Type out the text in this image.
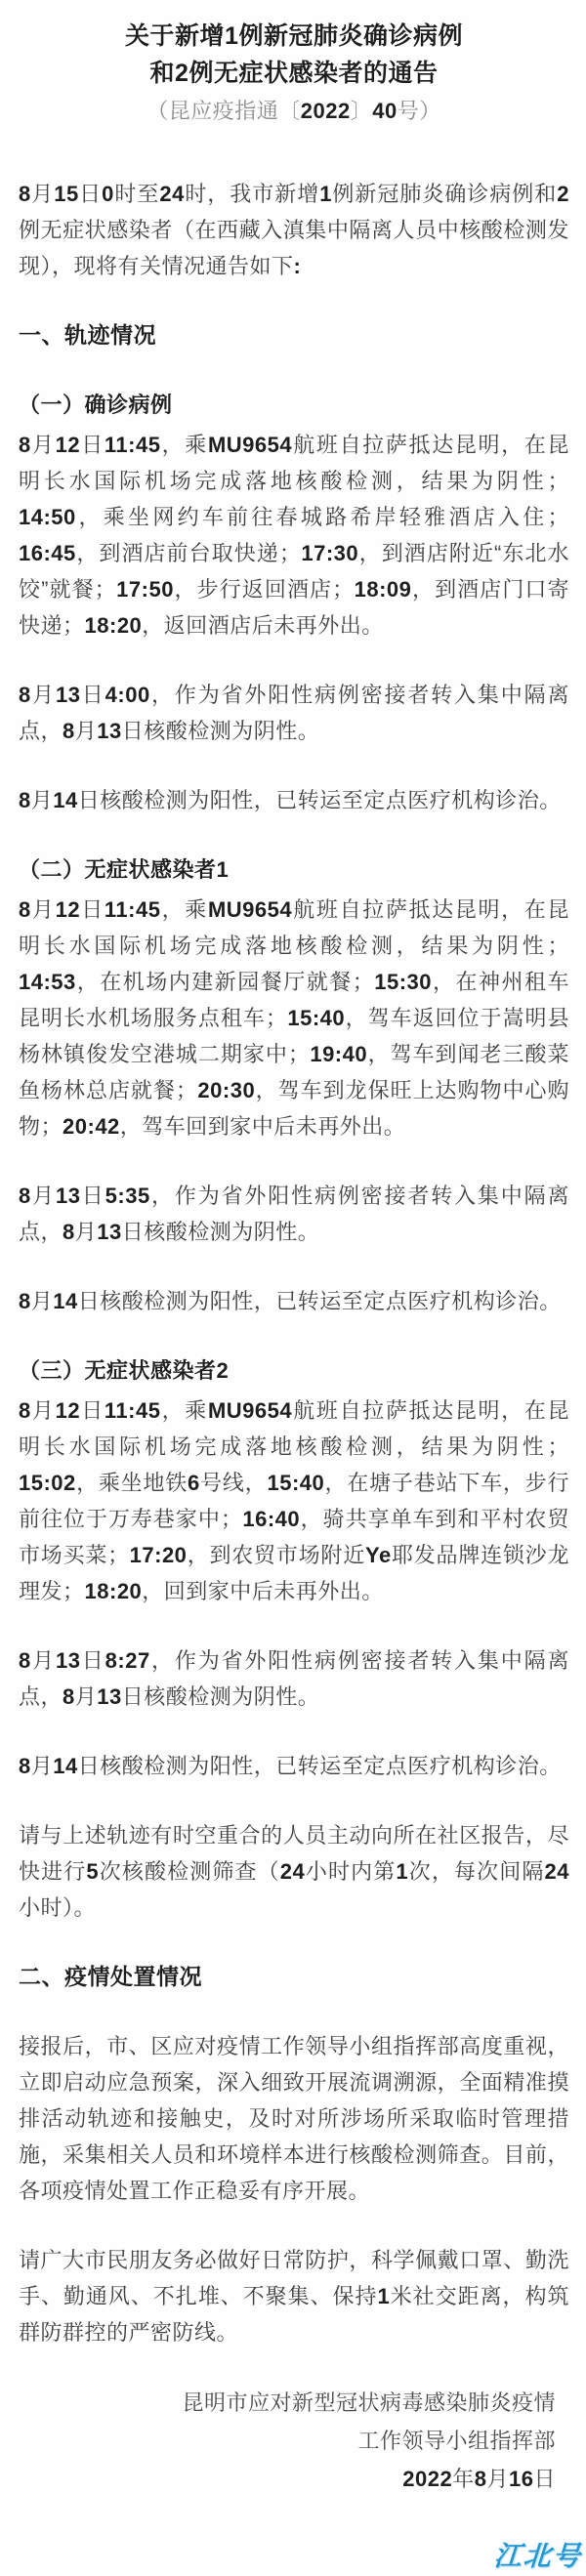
关于新增1例新冠肺炎确诊病例
和2例无症状感染者的通告

（昆应疫指通〔2022〕40号）

8月15日0时至24时，我市新增1例新冠肺炎确诊病例和2例无症状感染者（在西藏入滇集中隔离人员中核酸检测发现），现将有关情况通告如下:

一、轨迹情况
（一）确诊病例

8月12日11:45，乘MU9654航班自拉萨抵达昆明，在昆明长水国际机场完成落地核酸检测，结果为阴性；14:50，乘坐网约车前往春城路希岸轻雅酒店入住；16:45，到酒店前台取快递；17:30，到酒店附近“东北水饺”就餐；17:50，步行返回酒店；18:09，到酒店门口寄快递；18:20，返回酒店后未再外出。

8月13日4:00，作为省外阳性病例密接者转入集中隔离点，8月13日核酸检测为阴性。

8月14日核酸检测为阳性，已转运至定点医疗机构诊治。

（二）无症状感染者1

8月12日11:45，乘MU9654航班自拉萨抵达昆明，在昆明长水国际机场完成落地核酸检测，结果为阴性；14:53，在机场内建新园餐厅就餐；15:30，在神州租车昆明长水机场服务点租车；15:40，驾车返回位于嵩明县杨林镇俊发空港城二期家中；19:40，驾车到闻老三酸菜鱼杨林总店就餐；20:30，驾车到龙保旺上达购物中心购物；20:42，驾车回到家中后未再外出。

8月13日5:35，作为省外阳性病例密接者转入集中隔离点，8月13日核酸检测为阴性。

8月14日核酸检测为阳性，已转运至定点医疗机构诊治。

（三）无症状感染者2

8月12日11:45，乘MU9654航班自拉萨抵达昆明，在昆明长水国际机场完成落地核酸检测，结果为阴性；15:02，乘坐地铁6号线，15:40，在塘子巷站下车，步行前往位于万寿巷家中；16:40，骑共享单车到和平村农贸市场买菜；17:20，到农贸市场附近Ye耶发品牌连锁沙龙理发；18:20，回到家中后未再外出。

8月13日8:27，作为省外阳性病例密接者转入集中隔离点，8月13日核酸检测为阴性。

8月14日核酸检测为阳性，已转运至定点医疗机构诊治。

请与上述轨迹有时空重合的人员主动向所在社区报告，尽快进行5次核酸检测筛查（24小时内第1次，每次间隔24小时）。

二、疫情处置情况

接报后，市、区应对疫情工作领导小组指挥部高度重视，立即启动应急预案，深入细致开展流调溯源，全面精准摸排活动轨迹和接触史，及时对所涉场所采取临时管理措施，采集相关人员和环境样本进行核酸检测筛查。目前，各项疫情处置工作正稳妥有序开展。

请广大市民朋友务必做好日常防护，科学佩戴口罩、勤洗手、勤通风、不扎堆、不聚集、保持1米社交距离，构筑群防群控的严密防线。

昆明市应对新型冠状病毒感染肺炎疫情

工作领导小组指挥部

2022年8月16日

江北号
